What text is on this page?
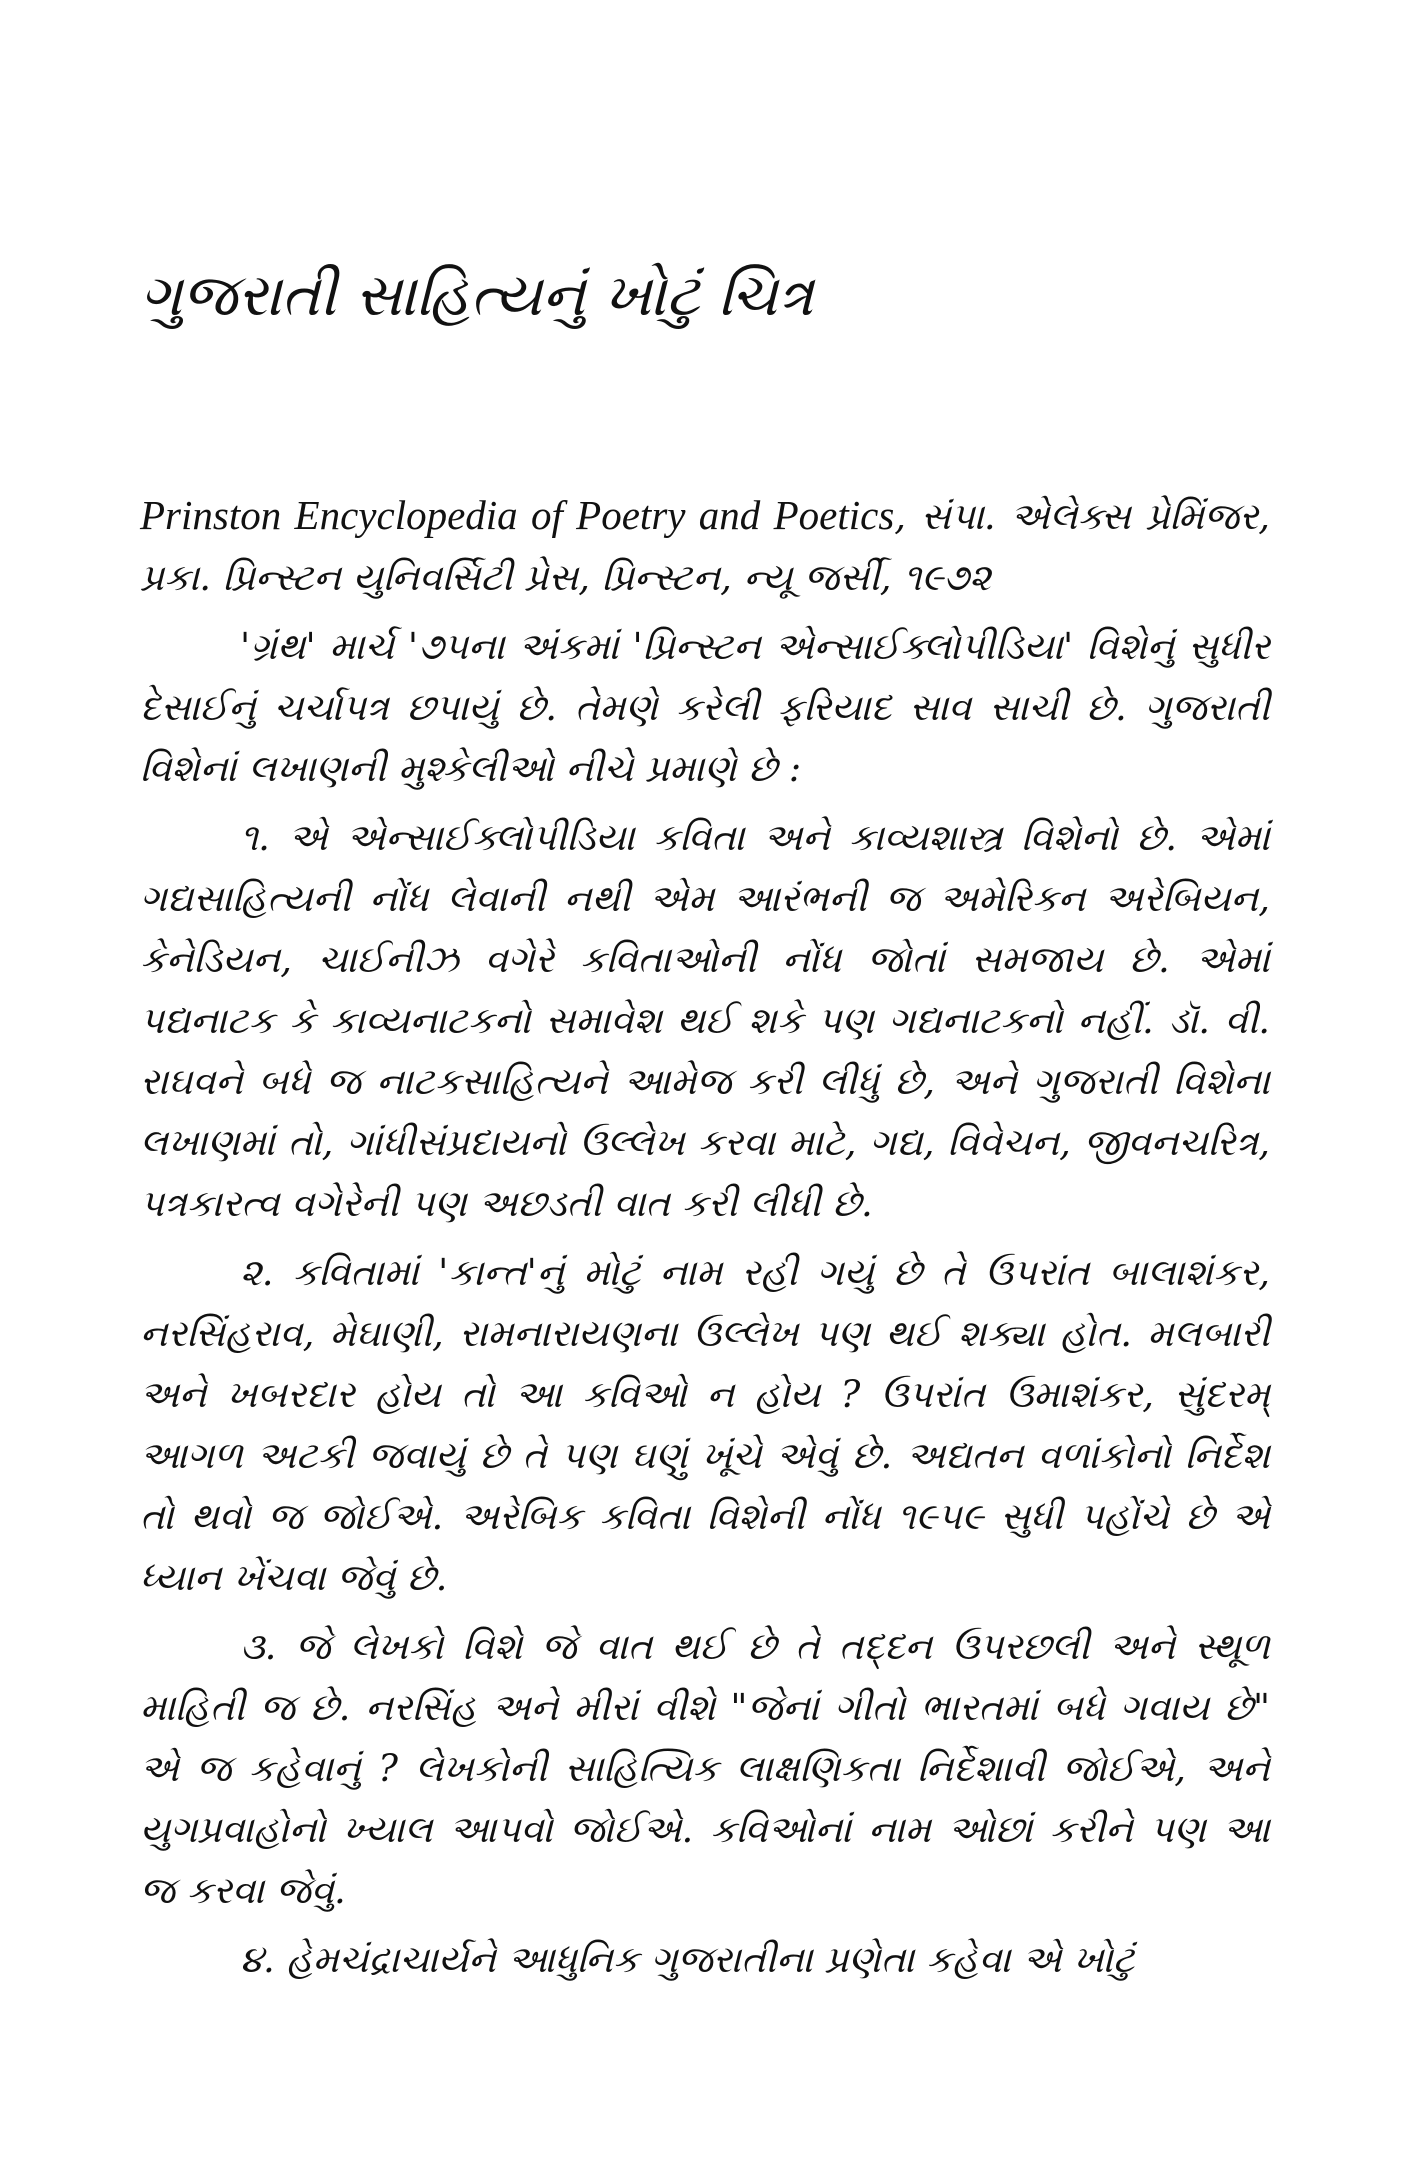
ગુજરાતી સાહિત્યનું ખોટું ચિત્ર

Prinston Encyclopedia of Poetry and Poetics, સંપા. એલેક્સ પ્રેમિંજર, પ્રકા. પ્રિન્સ્ટન યુનિવર્સિટી પ્રેસ, પ્રિન્સ્ટન, ન્યૂ જર્સી, ૧૯૭૨

'ગ્રંથ' માર્ચ '૭૫ના અંકમાં 'પ્રિન્સ્ટન એન્સાઈક્લોપીડિયા' વિશેનું સુધીર દેસાઈનું ચર્ચાપત્ર છપાયું છે. તેમણે કરેલી ફરિયાદ સાવ સાચી છે. ગુજરાતી વિશેનાં લખાણની મુશ્કેલીઓ નીચે પ્રમાણે છે :

૧. એ એન્સાઈક્લોપીડિયા કવિતા અને કાવ્યશાસ્ત્ર વિશેનો છે. એમાં ગદ્યસાહિત્યની નોંધ લેવાની નથી એમ આરંભની જ અમેરિકન અરેબિયન, કેનેડિયન, ચાઈનીઝ વગેરે કવિતાઓની નોંધ જોતાં સમજાય છે. એમાં પદ્યનાટક કે કાવ્યનાટકનો સમાવેશ થઈ શકે પણ ગદ્યનાટકનો નહીં. ડૉ. વી. રાઘવને બધે જ નાટકસાહિત્યને આમેજ કરી લીધું છે, અને ગુજરાતી વિશેના લખાણમાં તો, ગાંધીસંપ્રદાયનો ઉલ્લેખ કરવા માટે, ગદ્ય, વિવેચન, જીવનચરિત્ર, પત્રકારત્વ વગેરેની પણ અછડતી વાત કરી લીધી છે.

૨. કવિતામાં 'કાન્ત'નું મોટું નામ રહી ગયું છે તે ઉપરાંત બાલાશંકર, નરસિંહરાવ, મેઘાણી, રામનારાયણના ઉલ્લેખ પણ થઈ શક્યા હોત. મલબારી અને ખબરદાર હોય તો આ કવિઓ ન હોય ? ઉપરાંત ઉમાશંકર, સુંદરમ્ આગળ અટકી જવાયું છે તે પણ ઘણું ખૂંચે એવું છે. અદ્યતન વળાંકોનો નિર્દેશ તો થવો જ જોઈએ. અરેબિક કવિતા વિશેની નોંધ ૧૯૫૯ સુધી પહોંચે છે એ ધ્યાન ખેંચવા જેવું છે.

૩. જે લેખકો વિશે જે વાત થઈ છે તે તદ્દન ઉપરછલી અને સ્થૂળ માહિતી જ છે. નરસિંહ અને મીરાં વીશે "જેનાં ગીતો ભારતમાં બધે ગવાય છે" એ જ કહેવાનું ? લેખકોની સાહિત્યિક લાક્ષણિકતા નિર્દેશાવી જોઈએ, અને યુગપ્રવાહોનો ખ્યાલ આપવો જોઈએ. કવિઓનાં નામ ઓછાં કરીને પણ આ જ કરવા જેવું.

૪. હેમચંદ્રાચાર્યને આધુનિક ગુજરાતીના પ્રણેતા કહેવા એ ખોટું
